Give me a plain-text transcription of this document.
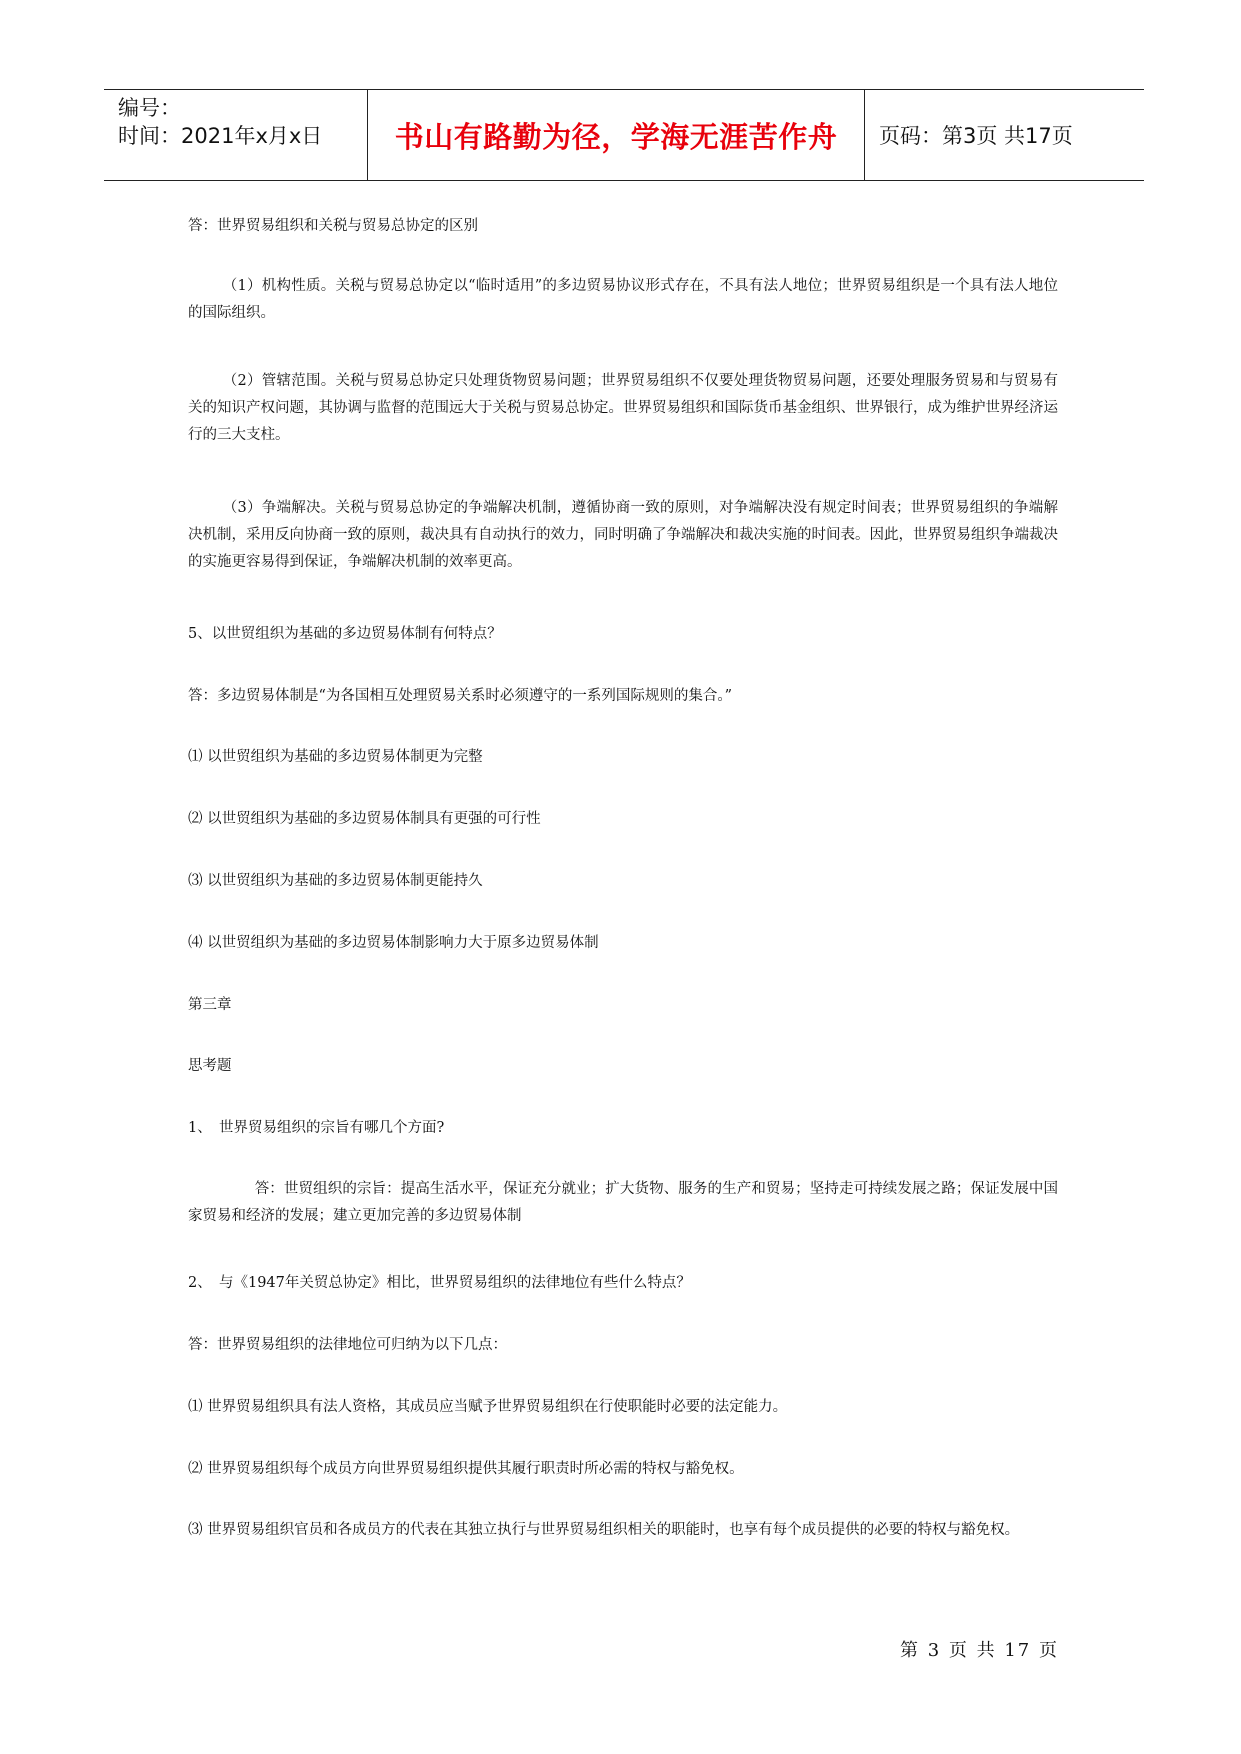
编号：
时间：2021年x月x日 书山有路勤为径，学海无涯苦作舟 页码：第3页 共17页

答：世界贸易组织和关税与贸易总协定的区别

（1）机构性质。关税与贸易总协定以“临时适用”的多边贸易协议形式存在，不具有法人地位；世界贸易组织是一个具有法人地位的国际组织。

（2）管辖范围。关税与贸易总协定只处理货物贸易问题；世界贸易组织不仅要处理货物贸易问题，还要处理服务贸易和与贸易有关的知识产权问题，其协调与监督的范围远大于关税与贸易总协定。世界贸易组织和国际货币基金组织、世界银行，成为维护世界经济运行的三大支柱。

（3）争端解决。关税与贸易总协定的争端解决机制，遵循协商一致的原则，对争端解决没有规定时间表；世界贸易组织的争端解决机制，采用反向协商一致的原则，裁决具有自动执行的效力，同时明确了争端解决和裁决实施的时间表。因此，世界贸易组织争端裁决的实施更容易得到保证，争端解决机制的效率更高。

5、以世贸组织为基础的多边贸易体制有何特点？

答：多边贸易体制是“为各国相互处理贸易关系时必须遵守的一系列国际规则的集合。”

⑴ 以世贸组织为基础的多边贸易体制更为完整

⑵ 以世贸组织为基础的多边贸易体制具有更强的可行性

⑶ 以世贸组织为基础的多边贸易体制更能持久

⑷ 以世贸组织为基础的多边贸易体制影响力大于原多边贸易体制

第三章

思考题

1、　世界贸易组织的宗旨有哪几个方面?

答：世贸组织的宗旨：提高生活水平，保证充分就业；扩大货物、服务的生产和贸易；坚持走可持续发展之路；保证发展中国家贸易和经济的发展；建立更加完善的多边贸易体制

2、　与《1947年关贸总协定》相比，世界贸易组织的法律地位有些什么特点？

答：世界贸易组织的法律地位可归纳为以下几点：

⑴ 世界贸易组织具有法人资格，其成员应当赋予世界贸易组织在行使职能时必要的法定能力。

⑵ 世界贸易组织每个成员方向世界贸易组织提供其履行职责时所必需的特权与豁免权。

⑶ 世界贸易组织官员和各成员方的代表在其独立执行与世界贸易组织相关的职能时，也享有每个成员提供的必要的特权与豁免权。

第 3 页 共 17 页
